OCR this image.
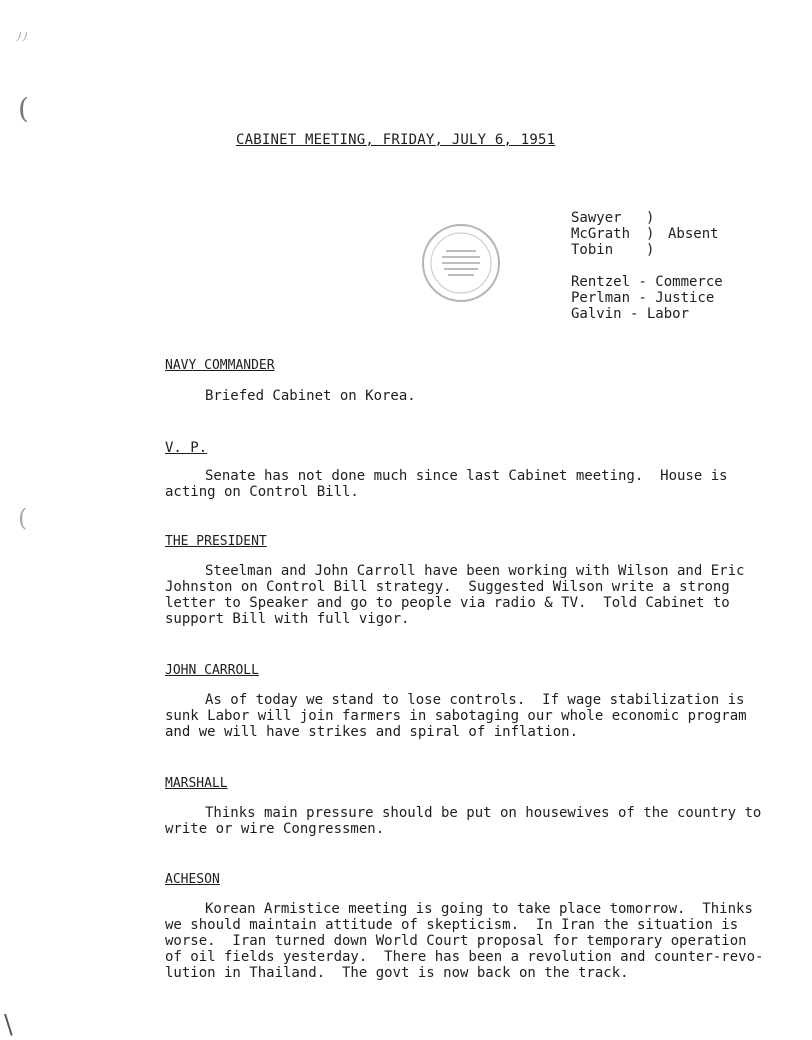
ﾉﾉ
(
(
\
CABINET MEETING, FRIDAY, JULY 6, 1951
Sawyer
McGrath
Tobin
)
)
)
Absent
Rentzel - Commerce
Perlman - Justice
Galvin - Labor
NAVY COMMANDER
Briefed Cabinet on Korea.
V. P.
Senate has not done much since last Cabinet meeting.  House is
acting on Control Bill.
THE PRESIDENT
Steelman and John Carroll have been working with Wilson and Eric
Johnston on Control Bill strategy.  Suggested Wilson write a strong
letter to Speaker and go to people via radio & TV.  Told Cabinet to
support Bill with full vigor.
JOHN CARROLL
As of today we stand to lose controls.  If wage stabilization is
sunk Labor will join farmers in sabotaging our whole economic program
and we will have strikes and spiral of inflation.
MARSHALL
Thinks main pressure should be put on housewives of the country to
write or wire Congressmen.
ACHESON
Korean Armistice meeting is going to take place tomorrow.  Thinks
we should maintain attitude of skepticism.  In Iran the situation is
worse.  Iran turned down World Court proposal for temporary operation
of oil fields yesterday.  There has been a revolution and counter-revo-
lution in Thailand.  The govt is now back on the track.
